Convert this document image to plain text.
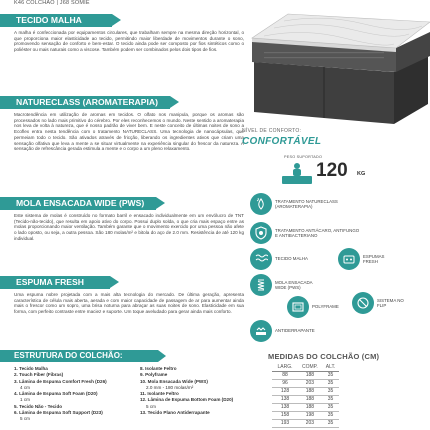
K46 COLCHÃO | J68 SOMIE
TECIDO MALHA

A malha é confeccionada por equipamentos circulares, que trabalham sempre na mesma direção horizontal, o que proporciona maior elasticidade ao tecido, permitindo maior liberdade de movimentos durante o sono, promovendo sensação de conforto e bem-estar. O tecido ainda pode ser composto por fios sintéticos como o poliéster ou mais naturais como a viscose. Também podem ser combinados pelos dois tipos de fios.

NATURECLASS (AROMATERAPIA)

Macrotendência em utilização de aromas em tecidos. O olfato nos manipula, porque os aromas são processados no lado mais primitivo do cérebro. Por eles reconhecemos o mundo. Neste sentido a aromaterapia nos leva de volta à natureza, que é nosso padrão de viver bem. E neste conceito de últimas noites de sono a Ecoflex entra nesta tendência com o tratamento NATURECLASS. Uma tecnologia de nanocápsulas, que permeiam todo o tecido. São ativados através de fricção, liberando os ingredientes ativos que criam uma sensação olfativa que leva a mente a se situar virtualmente na experiência singular do frescor da natureza. A sensação de refrescância gerada estimula a mente e o corpo a um pleno relaxamento.

MOLA ENSACADA WIDE (PWS)

Este sistema de molas é construído no formato barril e ensacado individualmente em um envólucro de TNT (Tecido-não-tecido), que resulta em apoio ativo do corpo. Possui duplo solda, o que cria mais espaço entre as molas proporcionando maior ventilação. Também garante que o movimento exercido por uma pessoa não afete o lado oposto, ou seja, a outra pessoa. São 180 molas/m² e bitola do aço de 2.0 mm. Resistência de até 120 kg individual.

ESPUMA FRESH

Uma espuma nobre projetada com a mais alta tecnologia do mercado. De última geração, apresenta característica de célula mais aberta, aerada e com maior capacidade de passagem de ar para aumentar ainda mais o frescor como um sopro, uma brisa noturna para abraçar as suas noites de sono. Elasticidade em sua forma, com perfeito contraste entre maciez e suporte. Um toque aveludado para gerar ainda mais conforto.

NÍVEL DE CONFORTO:
CONFORTÁVEL
PESO SUPORTADO
120 KG
TRATAMENTO NATURECLASS (AROMATERAPIA)
TRATAMENTO ANTIÁCARO, ANTIFUNGO E ANTIBACTERIANO
TECIDO MALHA
ESPUMAS FRESH
MOLA ENSACADA WIDE (PWS)
POLYFRAME
SISTEMA NO FLIP
ANTIDERRAPANTE
ESTRUTURA DO COLCHÃO:
1. Tecido Malha
2. Touch Fiber (Fibras)
3. Lâmina de Espuma Comfort Fresh (D26)
4 cm
4. Lâmina de Espuma Soft Foam (D20)
1 cm
5. Tecido Não - Tecido
6. Lâmina de Espuma Soft Support (D23)
5 cm
8. Isolante Feltro
9. Polyframe
10. Mola Ensacada Wide (PWS)
2.0 mm - 180 molas/m²
11. Isolante Feltro
12. Lâmina de Espuma Bottom Foam (D20)
5 cm
13. Tecido Plano Antiderrapante
MEDIDAS DO COLCHÃO (CM)
LARG.	COMP.	ALT.
88	188	35
96	203	35
128	188	35
138	188	35
138	188	35
158	198	35
193	203	35
